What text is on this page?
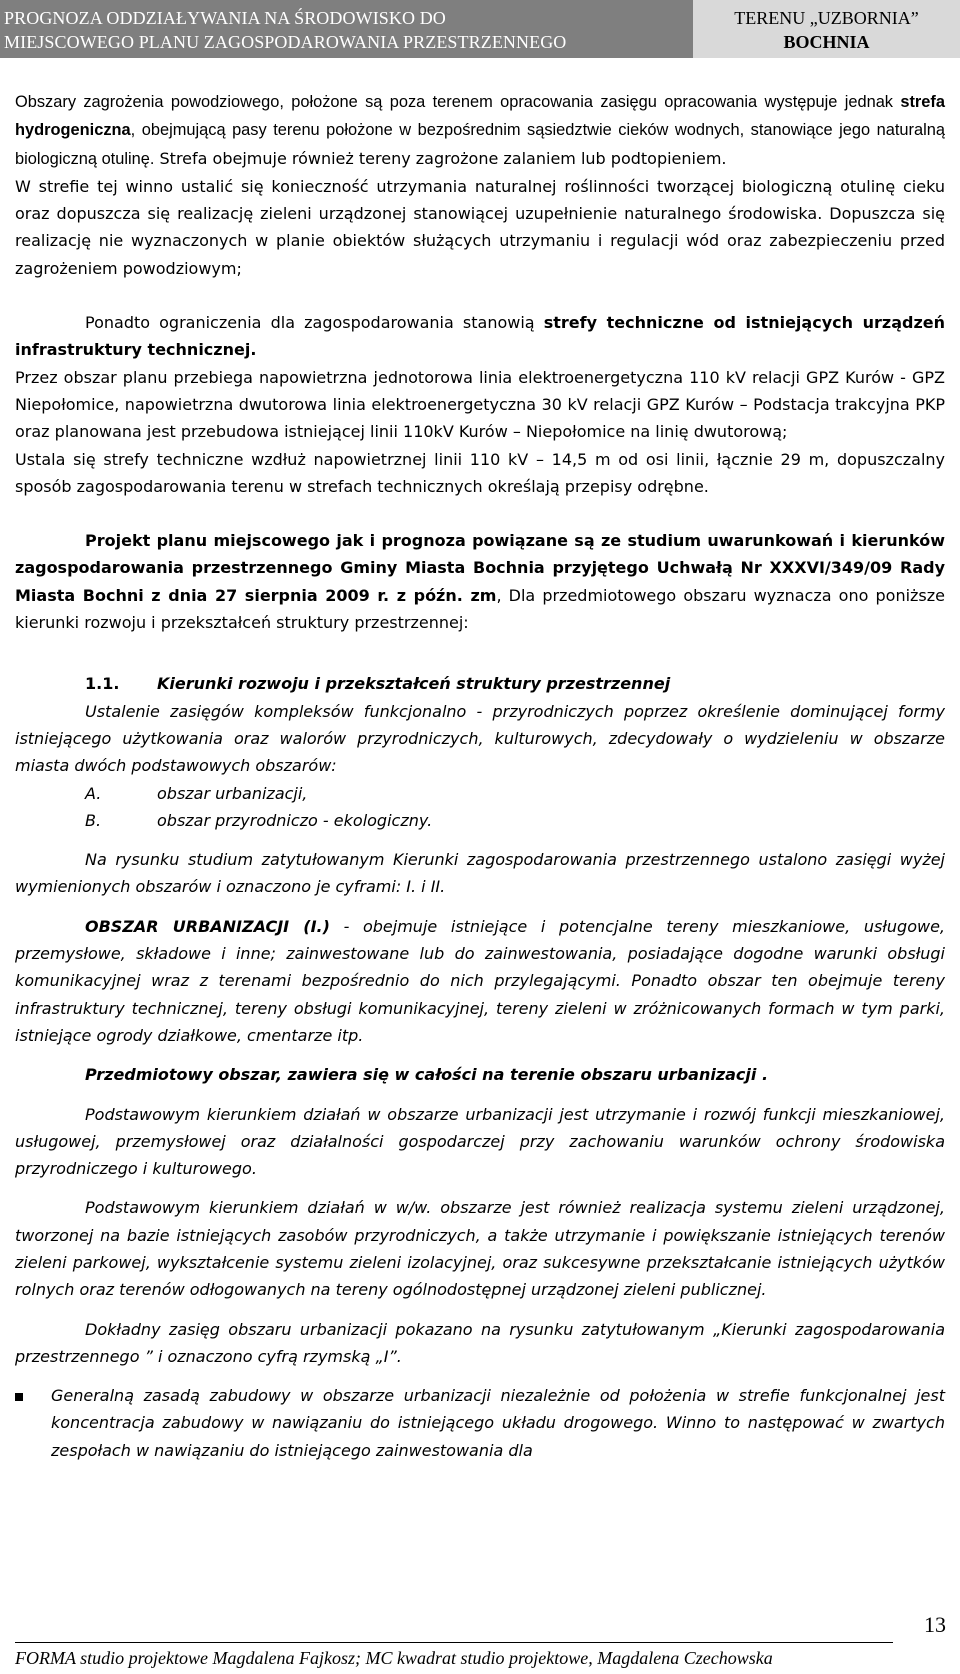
PROGNOZA ODDZIAŁYWANIA NA ŚRODOWISKO DO
MIEJSCOWEGO PLANU ZAGOSPODAROWANIA PRZESTRZENNEGO
TERENU „UZBORNIA”
BOCHNIA

Obszary zagrożenia powodziowego, położone są poza terenem opracowania zasięgu opracowania występuje jednak strefa hydrogeniczna, obejmującą pasy terenu położone w bezpośrednim sąsiedztwie cieków wodnych, stanowiące jego naturalną biologiczną otulinę. Strefa obejmuje również tereny zagrożone zalaniem lub podtopieniem.

W strefie tej winno ustalić się konieczność utrzymania naturalnej roślinności tworzącej biologiczną otulinę cieku oraz dopuszcza się realizację zieleni urządzonej stanowiącej uzupełnienie naturalnego środowiska. Dopuszcza się realizację nie wyznaczonych w planie obiektów służących utrzymaniu i regulacji wód oraz zabezpieczeniu przed zagrożeniem powodziowym;

Ponadto ograniczenia dla zagospodarowania stanowią strefy techniczne od istniejących urządzeń infrastruktury technicznej.

Przez obszar planu przebiega napowietrzna jednotorowa linia elektroenergetyczna 110 kV relacji GPZ Kurów - GPZ Niepołomice, napowietrzna dwutorowa linia elektroenergetyczna 30 kV relacji GPZ Kurów – Podstacja trakcyjna PKP oraz planowana jest przebudowa istniejącej linii 110kV Kurów – Niepołomice na linię dwutorową;

Ustala się strefy techniczne wzdłuż napowietrznej linii 110 kV – 14,5 m od osi linii, łącznie 29 m, dopuszczalny sposób zagospodarowania terenu w strefach technicznych określają przepisy odrębne.

Projekt planu miejscowego jak i prognoza powiązane są ze studium uwarunkowań i kierunków zagospodarowania przestrzennego Gminy Miasta Bochnia przyjętego Uchwałą Nr XXXVI/349/09 Rady Miasta Bochni z dnia 27 sierpnia 2009 r. z późn. zm, Dla przedmiotowego obszaru wyznacza ono poniższe kierunki rozwoju i przekształceń struktury przestrzennej:

1.1. Kierunki rozwoju i przekształceń struktury przestrzennej

Ustalenie zasięgów kompleksów funkcjonalno - przyrodniczych poprzez określenie dominującej formy istniejącego użytkowania oraz walorów przyrodniczych, kulturowych, zdecydowały o wydzieleniu w obszarze miasta dwóch podstawowych obszarów:

A.	obszar urbanizacji,

B.	obszar przyrodniczo - ekologiczny.

Na rysunku studium zatytułowanym Kierunki zagospodarowania przestrzennego ustalono zasięgi wyżej wymienionych obszarów i oznaczono je cyframi: I. i II.

OBSZAR URBANIZACJI (I.) - obejmuje istniejące i potencjalne tereny mieszkaniowe, usługowe, przemysłowe, składowe i inne; zainwestowane lub do zainwestowania, posiadające dogodne warunki obsługi komunikacyjnej wraz z terenami bezpośrednio do nich przylegającymi. Ponadto obszar ten obejmuje tereny infrastruktury technicznej, tereny obsługi komunikacyjnej, tereny zieleni w zróżnicowanych formach w tym parki, istniejące ogrody działkowe, cmentarze itp.

Przedmiotowy obszar, zawiera się w całości na terenie obszaru urbanizacji .

Podstawowym kierunkiem działań w obszarze urbanizacji jest utrzymanie i rozwój funkcji mieszkaniowej, usługowej, przemysłowej oraz działalności gospodarczej przy zachowaniu warunków ochrony środowiska przyrodniczego i kulturowego.

Podstawowym kierunkiem działań w w/w. obszarze jest również realizacja systemu zieleni urządzonej, tworzonej na bazie istniejących zasobów przyrodniczych, a także utrzymanie i powiększanie istniejących terenów zieleni parkowej, wykształcenie systemu zieleni izolacyjnej, oraz sukcesywne przekształcanie istniejących użytków rolnych oraz terenów odłogowanych na tereny ogólnodostępnej urządzonej zieleni publicznej.

Dokładny zasięg obszaru urbanizacji pokazano na rysunku zatytułowanym „Kierunki zagospodarowania przestrzennego ” i oznaczono cyfrą rzymską „I”.

Generalną zasadą zabudowy w obszarze urbanizacji niezależnie od położenia w strefie funkcjonalnej jest koncentracja zabudowy w nawiązaniu do istniejącego układu drogowego. Winno to następować w zwartych zespołach w nawiązaniu do istniejącego zainwestowania dla
13
FORMA studio projektowe Magdalena Fajkosz; MC kwadrat studio projektowe, Magdalena Czechowska
